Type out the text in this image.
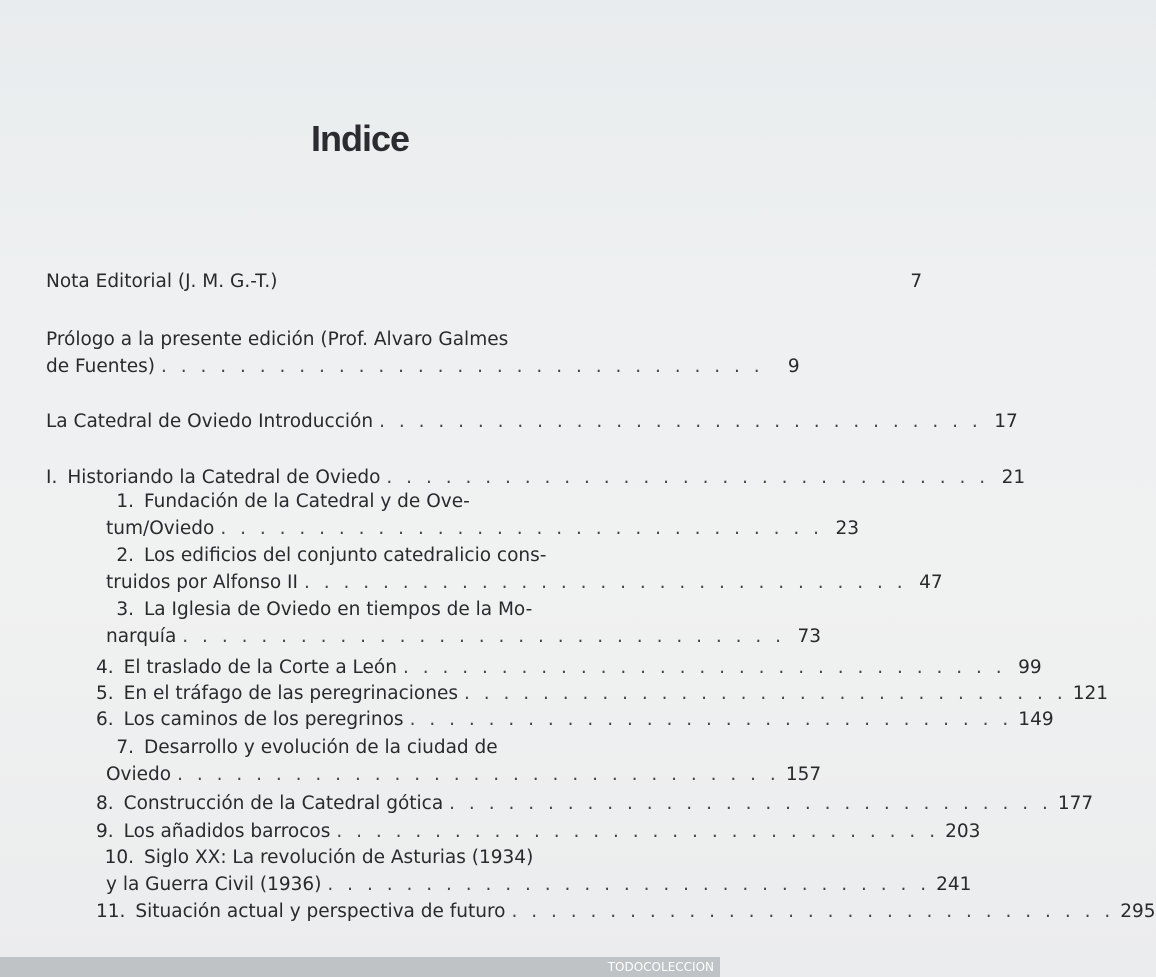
Indice
Nota Editorial (J. M. G.-T.)	7
Prólogo a la presente edición (Prof. Alvaro Galmes
de Fuentes) . . . . . . . . . . . . . . . . . . . . . . . . . . . . . . .	9
La Catedral de Oviedo Introducción . . . . . . . . . . . . . . . . . . . . . . . . . . . . . . . 17
I. Historiando la Catedral de Oviedo . . . . . . . . . . . . . . . . . . . . . . . . . . . . . . . 21
1. Fundación de la Catedral y de Ove-
tum/Oviedo . . . . . . . . . . . . . . . . . . . . . . . . . . . . . . . 23
2. Los edificios del conjunto catedralicio cons-
truidos por Alfonso II . . . . . . . . . . . . . . . . . . . . . . . . . . . . . . . 47
3. La Iglesia de Oviedo en tiempos de la Mo-
narquía . . . . . . . . . . . . . . . . . . . . . . . . . . . . . . . 73
4. El traslado de la Corte a León . . . . . . . . . . . . . . . . . . . . . . . . . . . . . . . 99
5. En el tráfago de las peregrinaciones . . . . . . . . . . . . . . . . . . . . . . . . . . . . . . . 121
6. Los caminos de los peregrinos . . . . . . . . . . . . . . . . . . . . . . . . . . . . . . . 149
7. Desarrollo y evolución de la ciudad de
Oviedo . . . . . . . . . . . . . . . . . . . . . . . . . . . . . . . 157
8. Construcción de la Catedral gótica . . . . . . . . . . . . . . . . . . . . . . . . . . . . . . . 177
9. Los añadidos barrocos . . . . . . . . . . . . . . . . . . . . . . . . . . . . . . . 203
10. Siglo XX: La revolución de Asturias (1934)
y la Guerra Civil (1936) . . . . . . . . . . . . . . . . . . . . . . . . . . . . . . . 241
11. Situación actual y perspectiva de futuro . . . . . . . . . . . . . . . . . . . . . . . . . . . . . . . 295
TODOCOLECCION
